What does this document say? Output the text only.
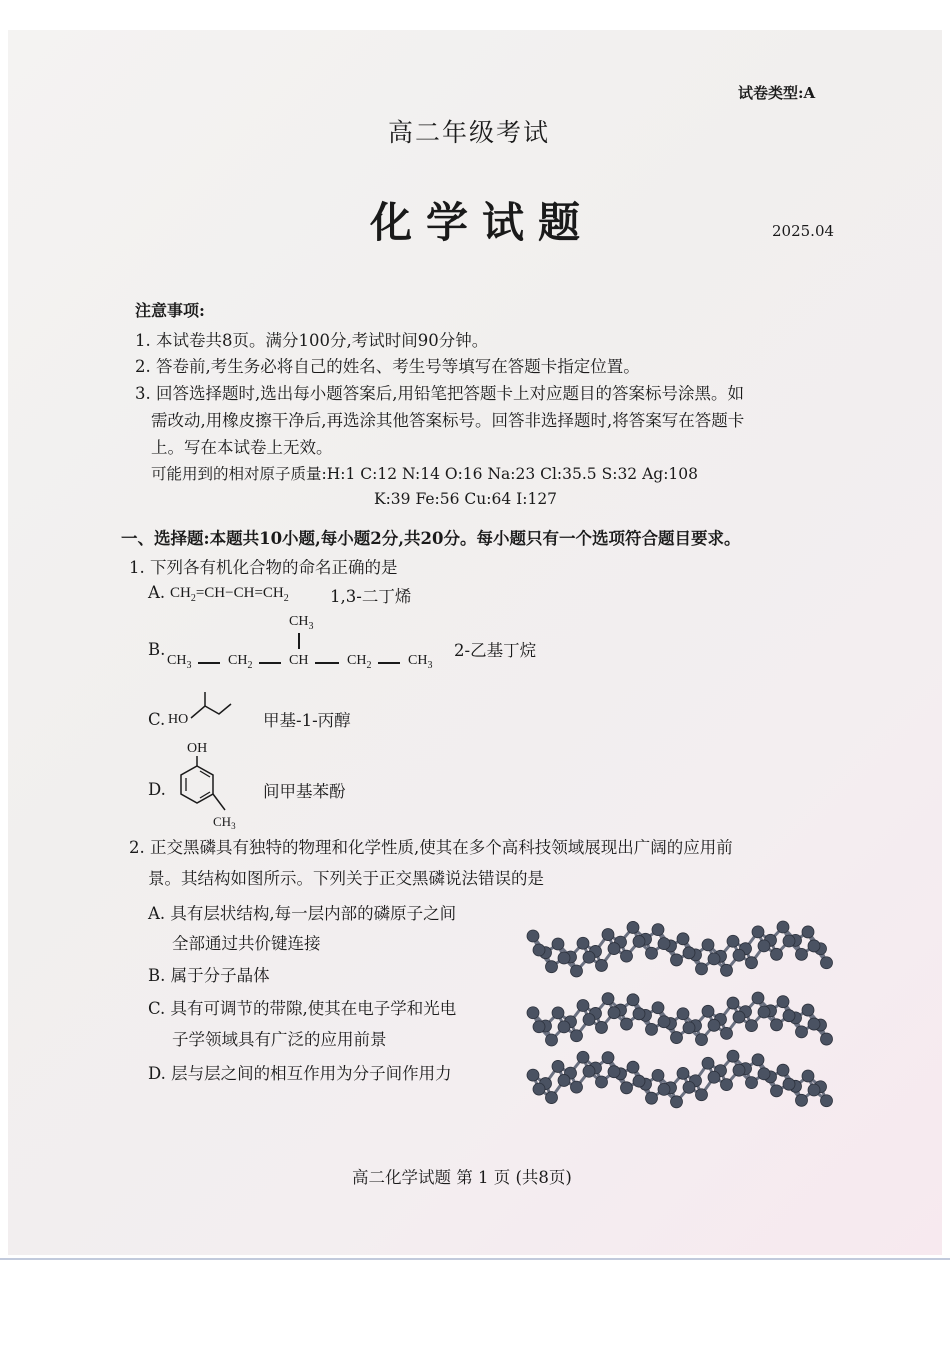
试卷类型:A
高二年级考试
化学试题	2025.04
注意事项:
1. 本试卷共8页。满分100分,考试时间90分钟。
2. 答卷前,考生务必将自己的姓名、考生号等填写在答题卡指定位置。
3. 回答选择题时,选出每小题答案后,用铅笔把答题卡上对应题目的答案标号涂黑。如
需改动,用橡皮擦干净后,再选涂其他答案标号。回答非选择题时,将答案写在答题卡
上。写在本试卷上无效。
可能用到的相对原子质量:H:1 C:12 N:14 O:16 Na:23 Cl:35.5 S:32 Ag:108
K:39 Fe:56 Cu:64 I:127
一、选择题:本题共10小题,每小题2分,共20分。每小题只有一个选项符合题目要求。
1. 下列各有机化合物的命名正确的是
A. $CH_2=CH-CH=CH_2$	1,3-二丁烯
B.
$CH_3$
$CH_3$	$CH_2$	CH	$CH_2$	$CH_3$
2-乙基丁烷
C. HO	甲基-1-丙醇
D.
OH
$CH_3$
间甲基苯酚
2. 正交黑磷具有独特的物理和化学性质,使其在多个高科技领域展现出广阔的应用前
景。其结构如图所示。下列关于正交黑磷说法错误的是
A. 具有层状结构,每一层内部的磷原子之间
全部通过共价键连接
B. 属于分子晶体
C. 具有可调节的带隙,使其在电子学和光电
子学领域具有广泛的应用前景
D. 层与层之间的相互作用为分子间作用力
高二化学试题 第 1 页 (共8页)
